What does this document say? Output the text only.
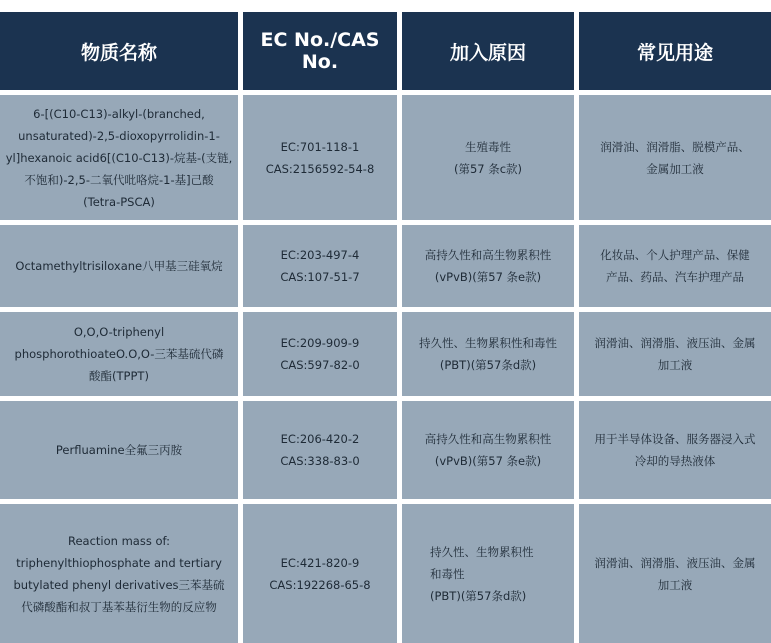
物质名称
EC No./CAS No.	加入原因	常见用途
6-[(C10-C13)-alkyl-(branched,
unsaturated)-2,5-dioxopyrrolidin-1-
yl]hexanoic acid6[(C10-C13)-烷基-(支链,
不饱和)-2,5-二氧代吡咯烷-1-基]己酸
(Tetra-PSCA)
EC:701-118-1
CAS:2156592-54-8
生殖毒性
(第57 条c款)
润滑油、润滑脂、脱模产品、
金属加工液
Octamethyltrisiloxane八甲基三硅氧烷
EC:203-497-4
CAS:107-51-7
高持久性和高生物累积性
(vPvB)(第57 条e款)
化妆品、个人护理产品、保健
产品、药品、汽车护理产品
O,O,O-triphenyl
phosphorothioateO.O,O-三苯基硫代磷
酸酯(TPPT)
EC:209-909-9
CAS:597-82-0
持久性、生物累积性和毒性
(PBT)(第57条d款)
润滑油、润滑脂、液压油、金属
加工液
Perfluamine全氟三丙胺
EC:206-420-2
CAS:338-83-0
高持久性和高生物累积性
(vPvB)(第57 条e款)
用于半导体设备、服务器浸入式
冷却的导热液体
Reaction mass of:
triphenylthiophosphate and tertiary
butylated phenyl derivatives三苯基硫
代磷酸酯和叔丁基苯基衍生物的反应物
EC:421-820-9
CAS:192268-65-8
持久性、生物累积性
和毒性
(PBT)(第57条d款)
润滑油、润滑脂、液压油、金属
加工液
